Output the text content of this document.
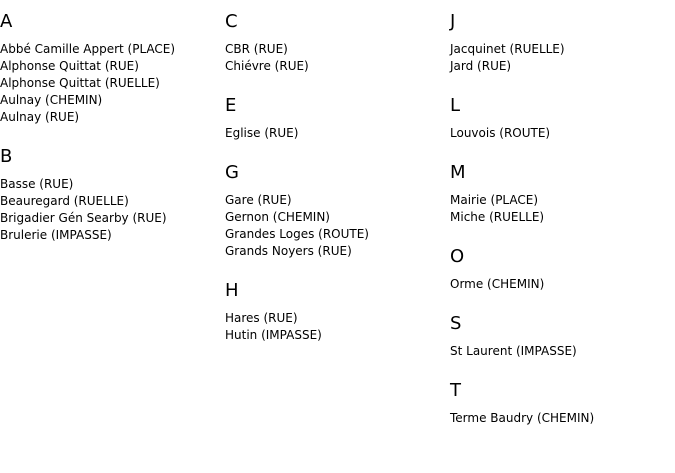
A
Abbé Camille Appert (PLACE)
Alphonse Quittat (RUE)
Alphonse Quittat (RUELLE)
Aulnay (CHEMIN)
Aulnay (RUE)
B
Basse (RUE)
Beauregard (RUELLE)
Brigadier Gén Searby (RUE)
Brulerie (IMPASSE)
C
CBR (RUE)
Chiévre (RUE)
E
Eglise (RUE)
G
Gare (RUE)
Gernon (CHEMIN)
Grandes Loges (ROUTE)
Grands Noyers (RUE)
H
Hares (RUE)
Hutin (IMPASSE)
J
Jacquinet (RUELLE)
Jard (RUE)
L
Louvois (ROUTE)
M
Mairie (PLACE)
Miche (RUELLE)
O
Orme (CHEMIN)
S
St Laurent (IMPASSE)
T
Terme Baudry (CHEMIN)
